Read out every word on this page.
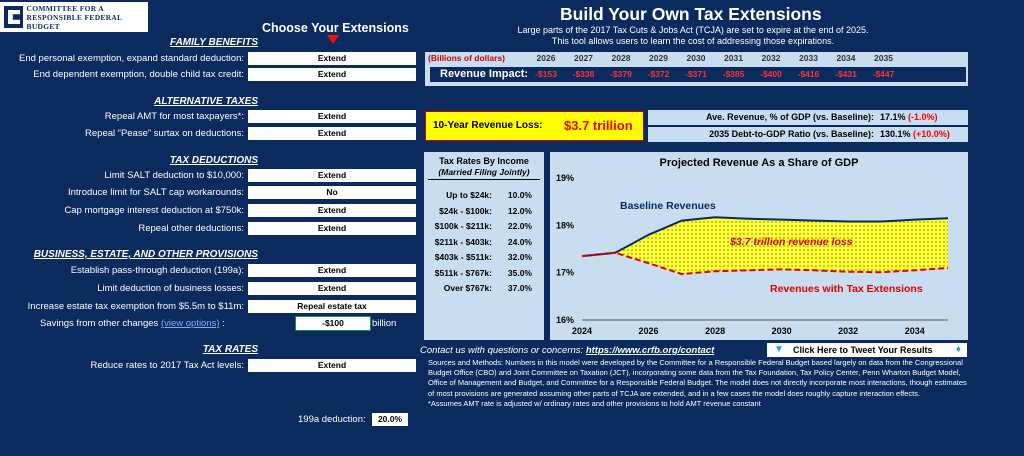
COMMITTEE FOR A
RESPONSIBLE FEDERAL BUDGET	Choose Your Extensions
FAMILY BENEFITS
End personal exemption, expand standard deduction:	Extend
End dependent exemption, double child tax credit:	Extend
ALTERNATIVE TAXES
Repeal AMT for most taxpayers*:	Extend
Repeal “Pease” surtax on deductions:	Extend
TAX DEDUCTIONS
Limit SALT deduction to $10,000:	Extend
Introduce limit for SALT cap workarounds:	No
Cap mortgage interest deduction at $750k:	Extend
Repeal other deductions:	Extend
BUSINESS, ESTATE, AND OTHER PROVISIONS
Establish pass-through deduction (199a):	Extend
Limit deduction of business losses:	Extend
Increase estate tax exemption from $5.5m to $11m:	Repeal estate tax
Savings from other changes (view options) :	-$100	billion
TAX RATES
Reduce rates to 2017 Tax Act levels:	Extend
199a deduction:	20.0%
Build Your Own Tax Extensions
Large parts of the 2017 Tax Cuts & Jobs Act (TCJA) are set to expire at the end of 2025.
This tool allows users to learn the cost of addressing those expirations.
(Billions of dollars)	2026	2027	2028	2029	2030	2031	2032	2033	2034	2035
Revenue Impact: -$153	-$338	-$379	-$372	-$371	-$385	-$400	-$416	-$431	-$447
10-Year Revenue Loss: $3.7 trillion
Ave. Revenue, % of GDP (vs. Baseline): 17.1% (-1.0%)
2035 Debt-to-GDP Ratio (vs. Baseline): 130.1% (+10.0%)
Tax Rates By Income
(Married Filing Jointly)
Up to $24k: 10.0%
$24k - $100k: 12.0%
$100k - $211k: 22.0%
$211k - $403k: 24.0%
$403k - $511k: 32.0%
$511k - $767k: 35.0%
Over $767k: 37.0%
Projected Revenue As a Share of GDP
16%
17%
18%
19%
2024	2026	2028	2030	2032	2034
Baseline Revenues
Revenues with Tax Extensions
$3.7 trillion revenue loss
Contact us with questions or concerns: https://www.crfb.org/contact	▼ Click Here to Tweet Your Results ♦
Sources and Methods: Numbers in this model were developed by the Committee for a Responsible Federal Budget based largely on data from the Congressional Budget Office (CBO) and Joint Committee on Taxation (JCT), incorporating some data from the Tax Foundation, Tax Policy Center, Penn Wharton Budget Model, Office of Management and Budget, and Committee for a Responsible Federal Budget. The model does not directly incorporate most interactions, though estimates of most provisions are generated assuming other parts of TCJA are extended, and in a few cases the model does roughly capture interaction effects.
*Assumes AMT rate is adjusted w/ ordinary rates and other provisions to hold AMT revenue constant
